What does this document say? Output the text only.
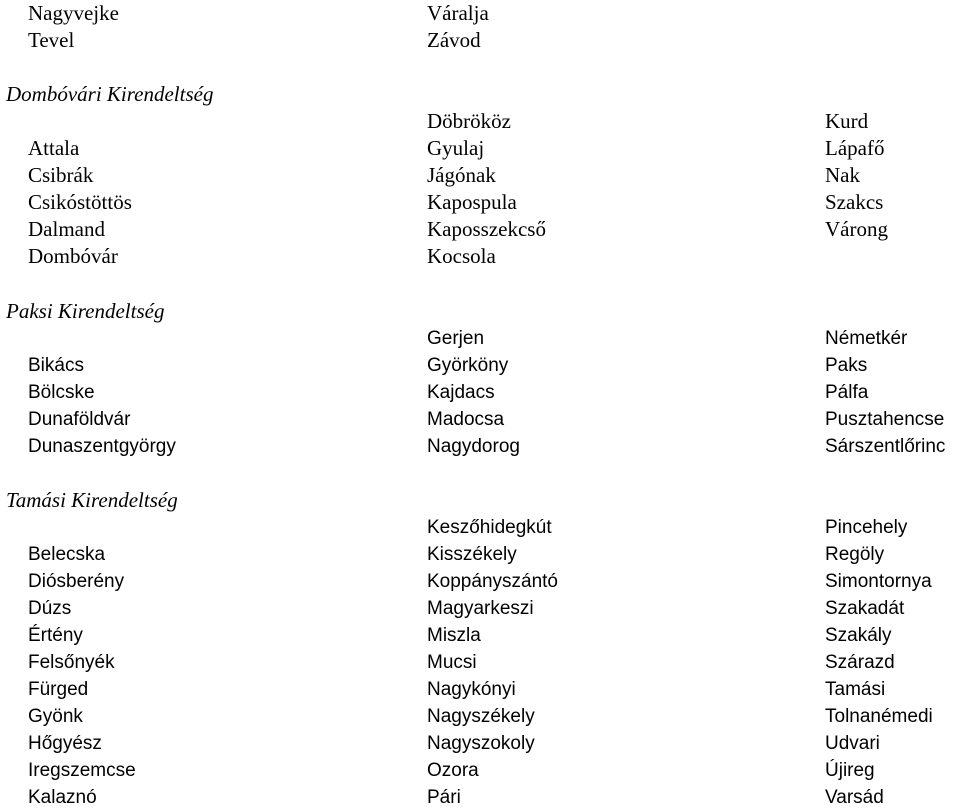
Nagyvejke
Tevel
Váralja
Závod
Dombóvári Kirendeltség
Attala
Csibrák
Csikóstöttös
Dalmand
Dombóvár
Döbrököz
Gyulaj
Jágónak
Kapospula
Kaposszekcső
Kocsola
Kurd
Lápafő
Nak
Szakcs
Várong
Paksi Kirendeltség
Bikács
Bölcske
Dunaföldvár
Dunaszentgyörgy
Gerjen
Györköny
Kajdacs
Madocsa
Nagydorog
Németkér
Paks
Pálfa
Pusztahencse
Sárszentlőrinc
Tamási Kirendeltség
Belecska
Diósberény
Dúzs
Értény
Felsőnyék
Fürged
Gyönk
Hőgyész
Iregszemcse
Kalaznó
Keszőhidegkút
Kisszékely
Koppányszántó
Magyarkeszi
Miszla
Mucsi
Nagykónyi
Nagyszékely
Nagyszokoly
Ozora
Pári
Pincehely
Regöly
Simontornya
Szakadát
Szakály
Szárazd
Tamási
Tolnanémedi
Udvari
Újireg
Varsád
